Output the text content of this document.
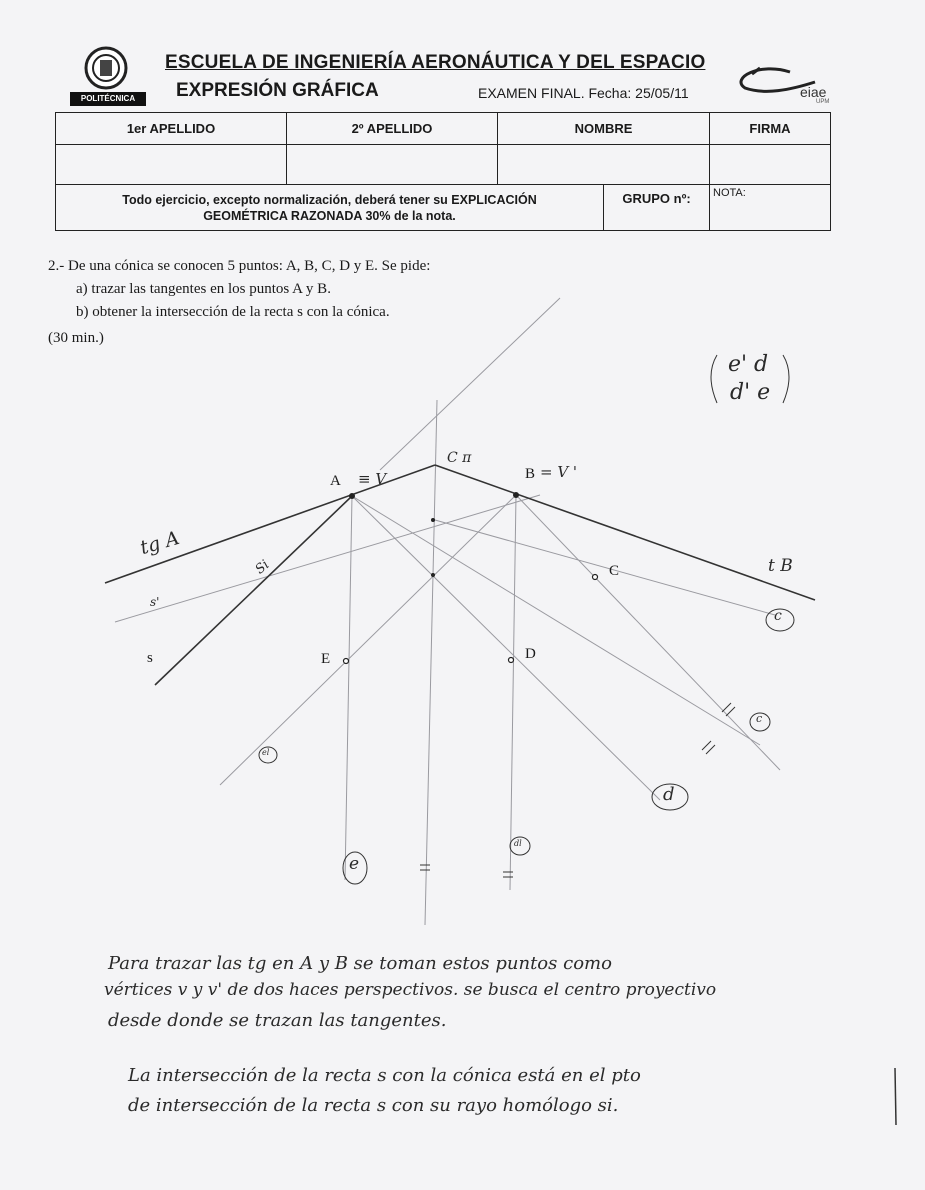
POLITÉCNICA
ESCUELA DE INGENIERÍA AERONÁUTICA Y DEL ESPACIO
EXPRESIÓN GRÁFICA	EXAMEN FINAL. Fecha: 25/05/11	eiae
UPM
1er APELLIDO	2º APELLIDO	NOMBRE		FIRMA

Todo ejercicio, excepto normalización, deberá tener su EXPLICACIÓN
GEOMÉTRICA RAZONADA 30% de la nota.			GRUPO nº:	NOTA:
2.- De una cónica se conocen 5 puntos: A, B, C, D y E. Se pide:
a) trazar las tangentes en los puntos A y B.
b) obtener la intersección de la recta s con la cónica.
(30 min.)
A	B
C
D
E
s
e' d
d' e
≡ V	= V '
C π
tg A
t B
Si
s'
c
c
d
e
el
dl
Para trazar las tg en A y B se toman estos puntos como
vértices v y v' de dos haces perspectivos. se busca el centro proyectivo
desde donde se trazan las tangentes.
La intersección de la recta s con la cónica está en el pto
de intersección de la recta s con su rayo homólogo si.
